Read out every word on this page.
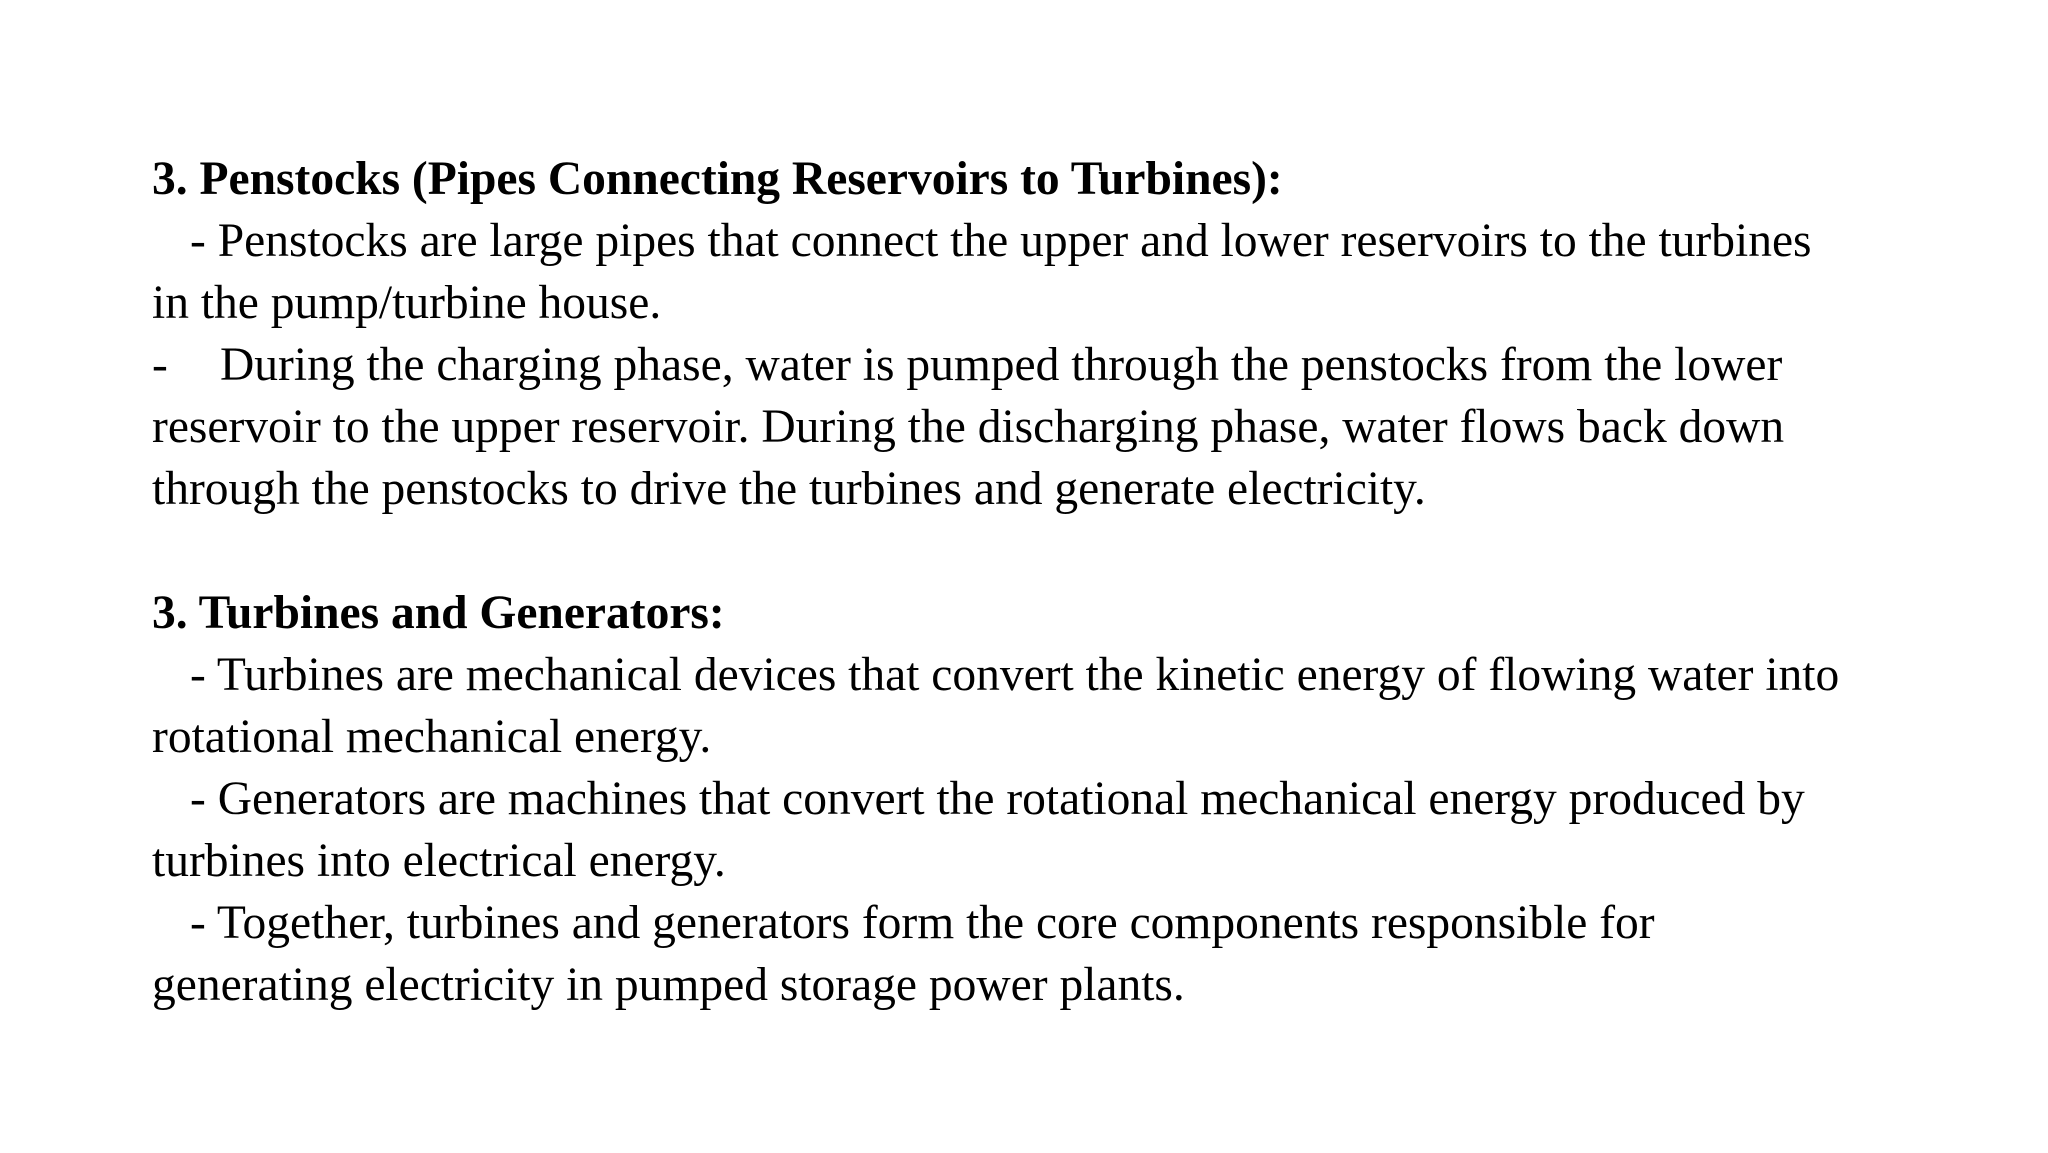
3. Penstocks (Pipes Connecting Reservoirs to Turbines):

- Penstocks are large pipes that connect the upper and lower reservoirs to the turbines

in the pump/turbine house.

- During the charging phase, water is pumped through the penstocks from the lower

reservoir to the upper reservoir. During the discharging phase, water flows back down

through the penstocks to drive the turbines and generate electricity.

3. Turbines and Generators:

- Turbines are mechanical devices that convert the kinetic energy of flowing water into

rotational mechanical energy.

- Generators are machines that convert the rotational mechanical energy produced by

turbines into electrical energy.

- Together, turbines and generators form the core components responsible for

generating electricity in pumped storage power plants.
